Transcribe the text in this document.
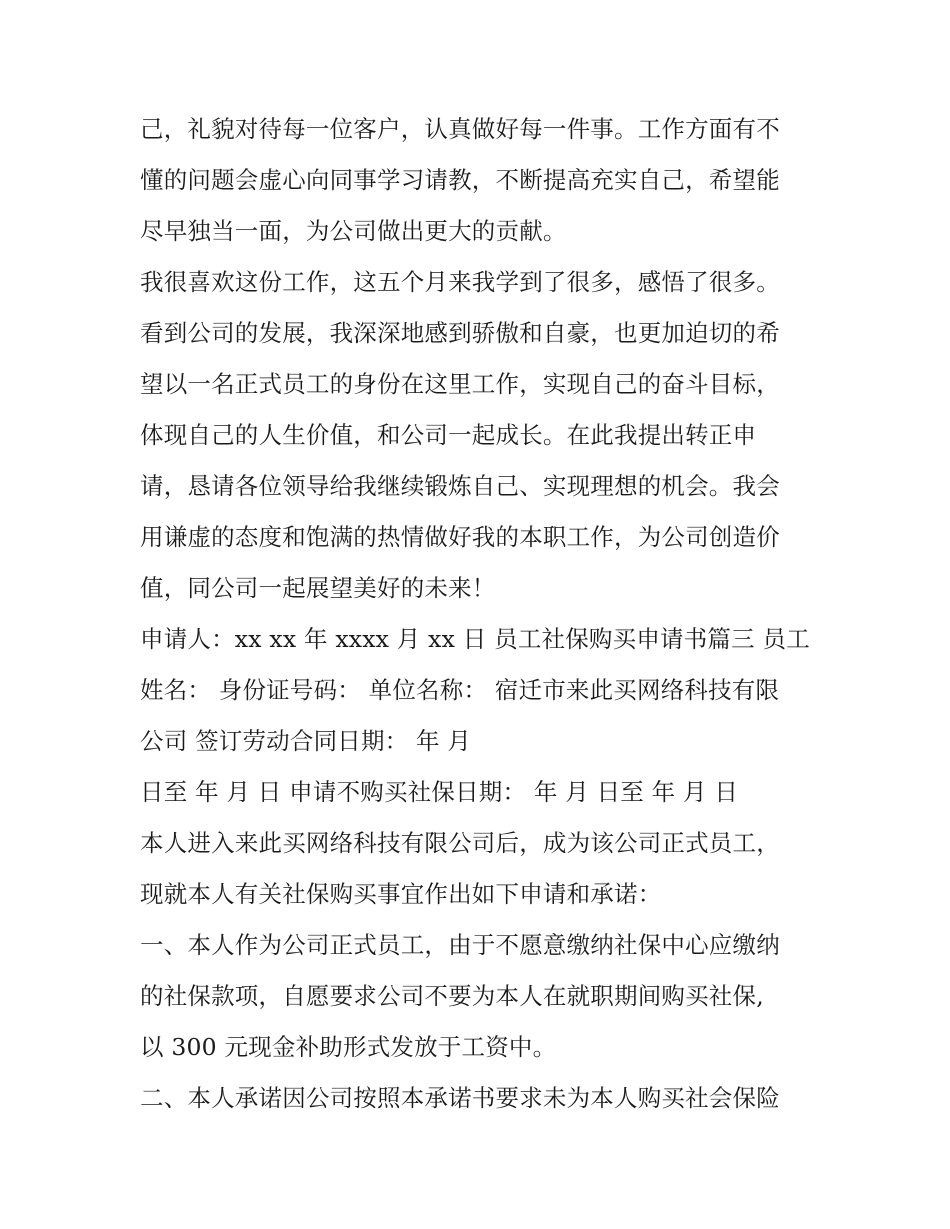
己，礼貌对待每一位客户，认真做好每一件事。工作方面有不
懂的问题会虚心向同事学习请教，不断提高充实自己，希望能
尽早独当一面，为公司做出更大的贡献。
我很喜欢这份工作，这五个月来我学到了很多，感悟了很多。
看到公司的发展，我深深地感到骄傲和自豪，也更加迫切的希
望以一名正式员工的身份在这里工作，实现自己的奋斗目标，
体现自己的人生价值，和公司一起成长。在此我提出转正申
请，恳请各位领导给我继续锻炼自己、实现理想的机会。我会
用谦虚的态度和饱满的热情做好我的本职工作，为公司创造价
值，同公司一起展望美好的未来！
申请人：xx xx 年 xxxx 月 xx 日 员工社保购买申请书篇三 员工
姓名： 身份证号码： 单位名称： 宿迁市来此买网络科技有限
公司 签订劳动合同日期： 年 月
日至 年 月 日 申请不购买社保日期： 年 月 日至 年 月 日
本人进入来此买网络科技有限公司后，成为该公司正式员工，
现就本人有关社保购买事宜作出如下申请和承诺：
一、本人作为公司正式员工，由于不愿意缴纳社保中心应缴纳
的社保款项，自愿要求公司不要为本人在就职期间购买社保,
以 300 元现金补助形式发放于工资中。
二、本人承诺因公司按照本承诺书要求未为本人购买社会保险
